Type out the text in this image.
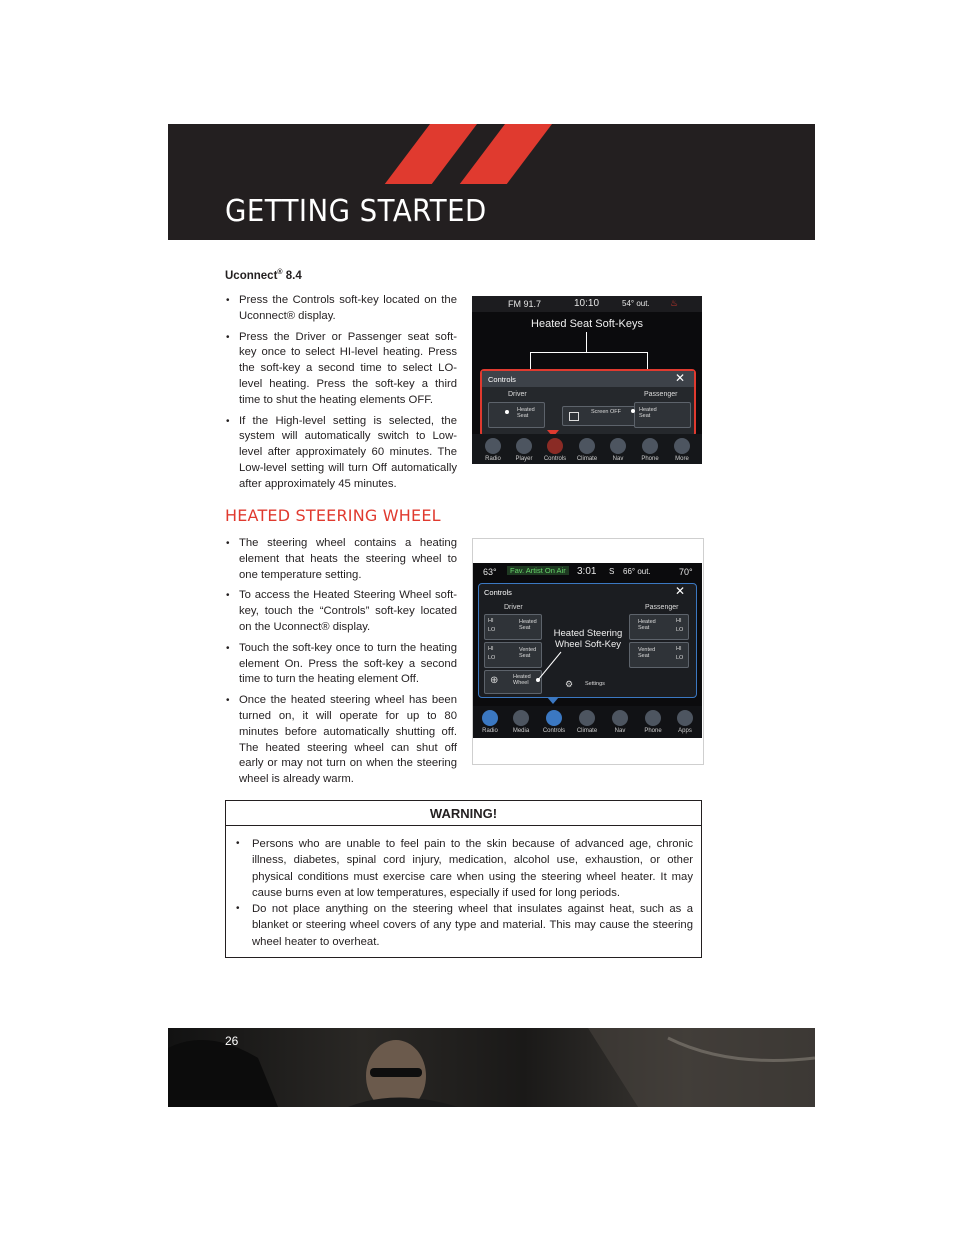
GETTING STARTED
Uconnect® 8.4
• Press the Controls soft-key located on the Uconnect® display.
• Press the Driver or Passenger seat soft-key once to select HI-level heating. Press the soft-key a second time to select LO-level heating. Press the soft-key a third time to shut the heating elements OFF.
• If the High-level setting is selected, the system will automatically switch to Low-level after approximately 60 minutes. The Low-level setting will turn Off automatically after approximately 45 minutes.
FM 91.7	10:10	54° out. ♨
Heated Seat Soft-Keys
Controls	✕
Driver	Passenger
Heated Seat
Screen OFF	Heated Seat
Radio	Player	Controls	Climate	Nav	Phone	More
HEATED STEERING WHEEL
• The steering wheel contains a heating element that heats the steering wheel to one temperature setting.
• To access the Heated Steering Wheel soft-key, touch the “Controls” soft-key located on the Uconnect® display.
• Touch the soft-key once to turn the heating element On. Press the soft-key a second time to turn the heating element Off.
• Once the heated steering wheel has been turned on, it will operate for up to 80 minutes before automatically shutting off. The heated steering wheel can shut off early or may not turn on when the steering wheel is already warm.
63°	Fav. Artist On Air	3:01 S 66° out.	70°
Controls	✕
Driver	Passenger
HI
LO
Heated Seat
HI
LO
Vented Seat
Heated Seat
HI
LO
Vented Seat
HI
LO
⊕	Heated Wheel	⚙ Settings
Heated Steering
Wheel Soft-Key
Radio	Media	Controls	Climate	Nav	Phone	Apps
WARNING!
• Persons who are unable to feel pain to the skin because of advanced age, chronic illness, diabetes, spinal cord injury, medication, alcohol use, exhaustion, or other physical conditions must exercise care when using the steering wheel heater. It may cause burns even at low temperatures, especially if used for long periods.
• Do not place anything on the steering wheel that insulates against heat, such as a blanket or steering wheel covers of any type and material. This may cause the steering wheel heater to overheat.
26
